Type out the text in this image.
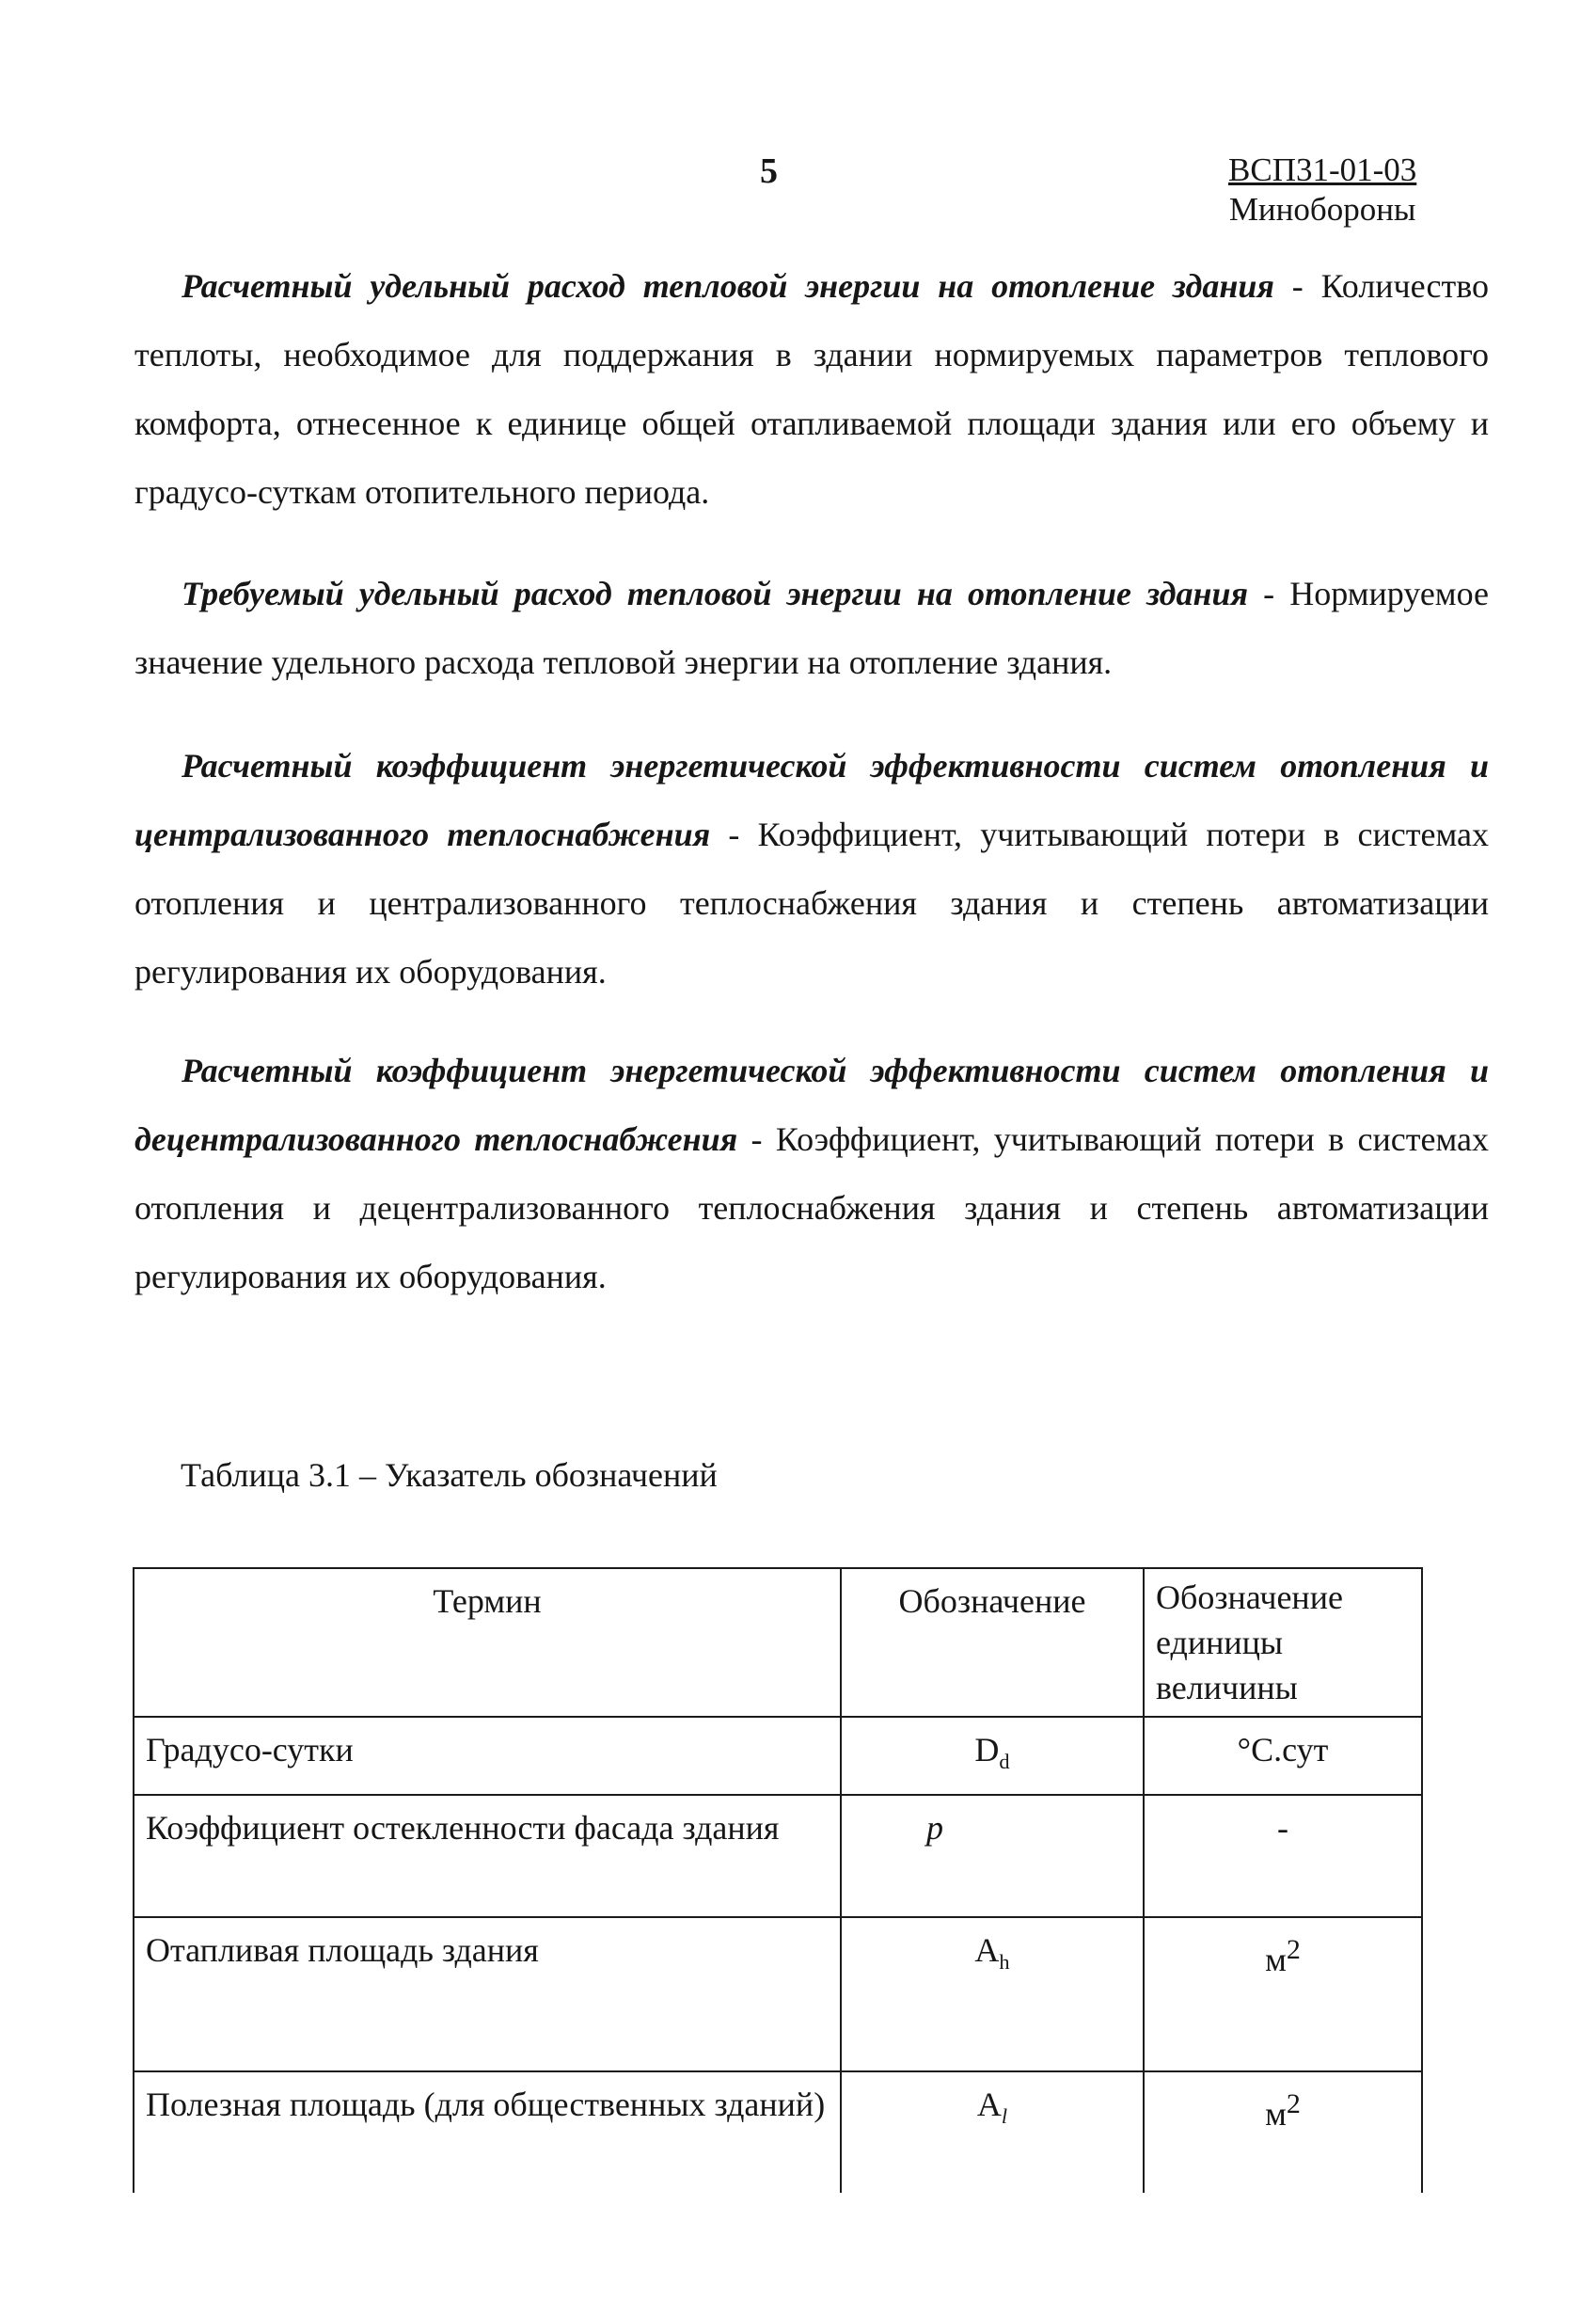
5	ВСП31-01-03
Минобороны

Расчетный удельный расход тепловой энергии на отопление здания - Количество теплоты, необходимое для поддержания в здании нормируемых параметров теплового комфорта, отнесенное к единице общей отапливаемой площади здания или его объему и градусо-суткам отопительного периода.

Требуемый удельный расход тепловой энергии на отопление здания - Нормируемое значение удельного расхода тепловой энергии на отопление здания.

Расчетный коэффициент энергетической эффективности систем отопления и централизованного теплоснабжения - Коэффициент, учитывающий потери в системах отопления и централизованного теплоснабжения здания и степень автоматизации регулирования их оборудования.

Расчетный коэффициент энергетической эффективности систем отопления и децентрализованного теплоснабжения - Коэффициент, учитывающий потери в системах отопления и децентрализованного теплоснабжения здания и степень автоматизации регулирования их оборудования.

Таблица 3.1 – Указатель обозначений
Термин	Обозначение	Обозначение единицы величины
Градусо-сутки	$D_d$	°С.сут
Коэффициент остекленности фасада здания	p	-
Отапливая площадь здания	$A_h$	$м^2$
Полезная площадь (для общественных зданий)	$A_l$	$м^2$
